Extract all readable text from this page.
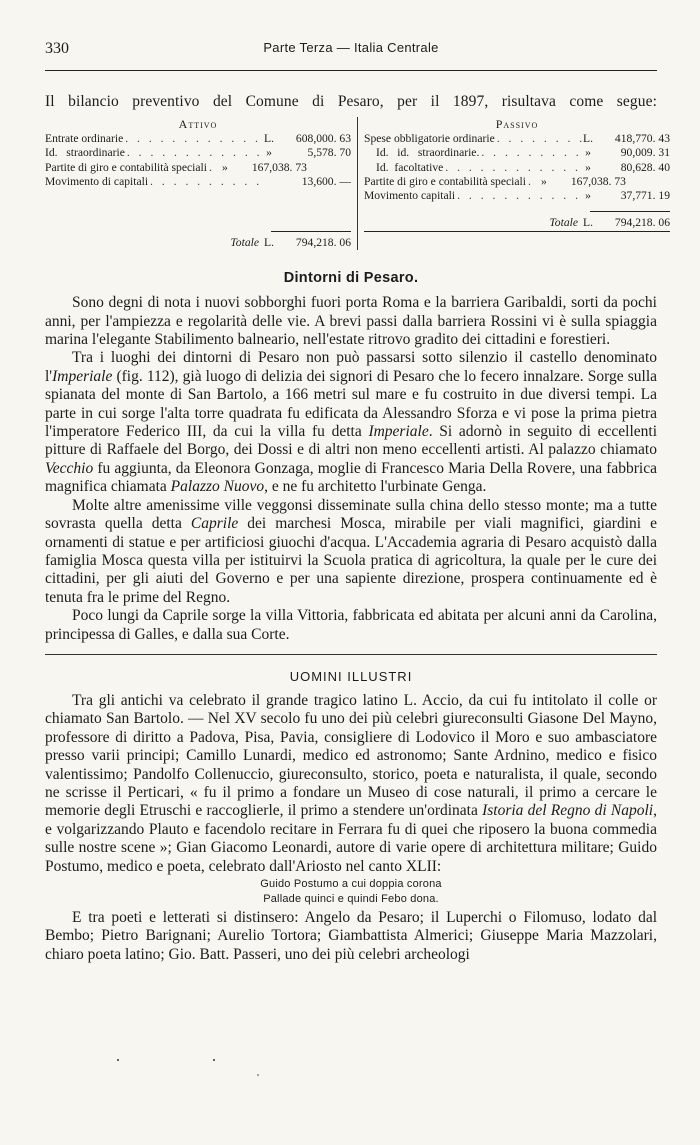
330	Parte Terza — Italia Centrale
Il bilancio preventivo del Comune di Pesaro, per il 1897, risultava come segue:
Attivo
Entrate ordinarie . . .	L.	608,000. 63
Id.   straordinarie . . .	»	5,578. 70
Partite di giro e contabilità speciali . . . »	167,038. 73
Movimento di capitali . . .	13,600. —
Totale L.	794,218. 06
Passivo
Spese obbligatorie ordinarie . . .	L.	418,770. 43
Id.   id.   straordinarie. . . .	»	90,009. 31
Id.  facoltative . . .	»	80,628. 40
Partite di giro e contabilità speciali . . . »	167,038. 73
Movimento capitali . . .	»	37,771. 19
Totale L.	794,218. 06
Dintorni di Pesaro.

Sono degni di nota i nuovi sobborghi fuori porta Roma e la barriera Garibaldi, sorti da pochi anni, per l'ampiezza e regolarità delle vie. A brevi passi dalla barriera Rossini vi è sulla spiaggia marina l'elegante Stabilimento balneario, nell'estate ritrovo gradito dei cittadini e forestieri.

Tra i luoghi dei dintorni di Pesaro non può passarsi sotto silenzio il castello denominato l'Imperiale (fig. 112), già luogo di delizia dei signori di Pesaro che lo fecero innalzare. Sorge sulla spianata del monte di San Bartolo, a 166 metri sul mare e fu costruito in due diversi tempi. La parte in cui sorge l'alta torre quadrata fu edificata da Alessandro Sforza e vi pose la prima pietra l'imperatore Federico III, da cui la villa fu detta Imperiale. Si adornò in seguito di eccellenti pitture di Raffaele del Borgo, dei Dossi e di altri non meno eccellenti artisti. Al palazzo chiamato Vecchio fu aggiunta, da Eleonora Gonzaga, moglie di Francesco Maria Della Rovere, una fabbrica magnifica chiamata Palazzo Nuovo, e ne fu architetto l'urbinate Genga.

Molte altre amenissime ville veggonsi disseminate sulla china dello stesso monte; ma a tutte sovrasta quella detta Caprile dei marchesi Mosca, mirabile per viali magnifici, giardini e ornamenti di statue e per artificiosi giuochi d'acqua. L'Accademia agraria di Pesaro acquistò dalla famiglia Mosca questa villa per istituirvi la Scuola pratica di agricoltura, la quale per le cure dei cittadini, per gli aiuti del Governo e per una sapiente direzione, prospera continuamente ed è tenuta fra le prime del Regno.

Poco lungi da Caprile sorge la villa Vittoria, fabbricata ed abitata per alcuni anni da Carolina, principessa di Galles, e dalla sua Corte.

UOMINI ILLUSTRI

Tra gli antichi va celebrato il grande tragico latino L. Accio, da cui fu intitolato il colle or chiamato San Bartolo. — Nel XV secolo fu uno dei più celebri giureconsulti Giasone Del Mayno, professore di diritto a Padova, Pisa, Pavia, consigliere di Lodovico il Moro e suo ambasciatore presso varii principi; Camillo Lunardi, medico ed astronomo; Sante Ardnino, medico e fisico valentissimo; Pandolfo Collenuccio, giureconsulto, storico, poeta e naturalista, il quale, secondo ne scrisse il Perticari, « fu il primo a fondare un Museo di cose naturali, il primo a cercare le memorie degli Etruschi e raccoglierle, il primo a stendere un'ordinata Istoria del Regno di Napoli, e volgarizzando Plauto e facendolo recitare in Ferrara fu di quei che riposero la buona commedia sulle nostre scene »; Gian Giacomo Leonardi, autore di varie opere di architettura militare; Guido Postumo, medico e poeta, celebrato dall'Ariosto nel canto XLII:

Guido Postumo a cui doppia corona
Pallade quinci e quindi Febo dona.

E tra poeti e letterati si distinsero: Angelo da Pesaro; il Luperchi o Filomuso, lodato dal Bembo; Pietro Barignani; Aurelio Tortora; Giambattista Almerici; Giuseppe Maria Mazzolari, chiaro poeta latino; Gio. Batt. Passeri, uno dei più celebri archeologi
